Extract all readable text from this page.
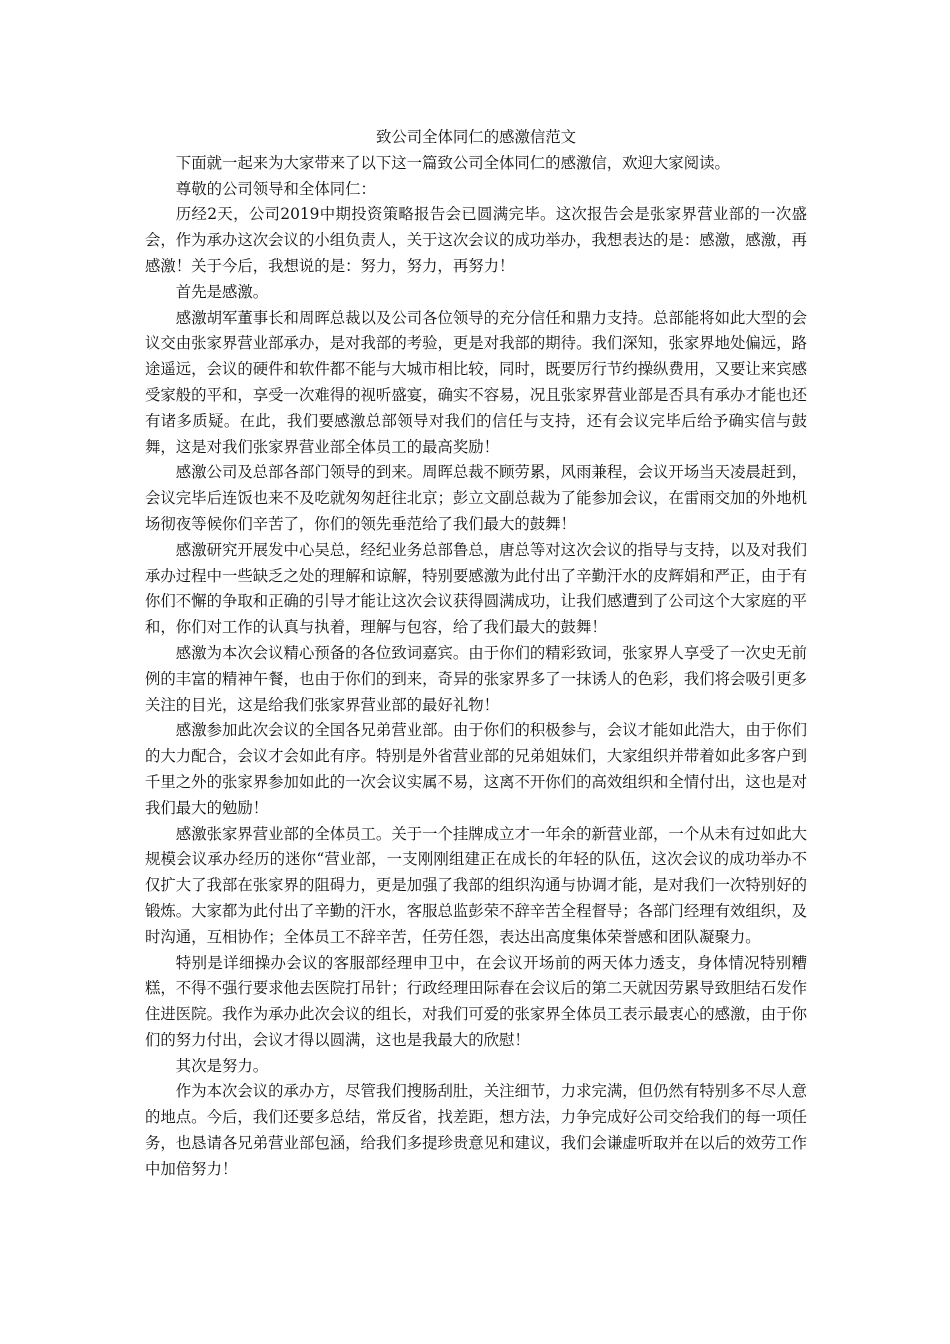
致公司全体同仁的感激信范文

下面就一起来为大家带来了以下这一篇致公司全体同仁的感激信，欢迎大家阅读。

尊敬的公司领导和全体同仁：

历经2天，公司2019中期投资策略报告会已圆满完毕。这次报告会是张家界营业部的一次盛会，作为承办这次会议的小组负责人，关于这次会议的成功举办，我想表达的是：感激，感激，再感激！关于今后，我想说的是：努力，努力，再努力！

首先是感激。

感激胡军董事长和周晖总裁以及公司各位领导的充分信任和鼎力支持。总部能将如此大型的会议交由张家界营业部承办，是对我部的考验，更是对我部的期待。我们深知，张家界地处偏远，路途遥远，会议的硬件和软件都不能与大城市相比较，同时，既要厉行节约操纵费用，又要让来宾感受家般的平和，享受一次难得的视听盛宴，确实不容易，况且张家界营业部是否具有承办才能也还有诸多质疑。在此，我们要感激总部领导对我们的信任与支持，还有会议完毕后给予确实信与鼓舞，这是对我们张家界营业部全体员工的最高奖励！

感激公司及总部各部门领导的到来。周晖总裁不顾劳累，风雨兼程，会议开场当天凌晨赶到，会议完毕后连饭也来不及吃就匆匆赶往北京；彭立文副总裁为了能参加会议，在雷雨交加的外地机场彻夜等候你们辛苦了，你们的领先垂范给了我们最大的鼓舞！

感激研究开展发中心吴总，经纪业务总部鲁总，唐总等对这次会议的指导与支持，以及对我们承办过程中一些缺乏之处的理解和谅解，特别要感激为此付出了辛勤汗水的皮辉娟和严正，由于有你们不懈的争取和正确的引导才能让这次会议获得圆满成功，让我们感遭到了公司这个大家庭的平和，你们对工作的认真与执着，理解与包容，给了我们最大的鼓舞！

感激为本次会议精心预备的各位致词嘉宾。由于你们的精彩致词，张家界人享受了一次史无前例的丰富的精神午餐，也由于你们的到来，奇异的张家界多了一抹诱人的色彩，我们将会吸引更多关注的目光，这是给我们张家界营业部的最好礼物！

感激参加此次会议的全国各兄弟营业部。由于你们的积极参与，会议才能如此浩大，由于你们的大力配合，会议才会如此有序。特别是外省营业部的兄弟姐妹们，大家组织并带着如此多客户到千里之外的张家界参加如此的一次会议实属不易，这离不开你们的高效组织和全情付出，这也是对我们最大的勉励！

感激张家界营业部的全体员工。关于一个挂牌成立才一年余的新营业部，一个从未有过如此大规模会议承办经历的迷你“营业部，一支刚刚组建正在成长的年轻的队伍，这次会议的成功举办不仅扩大了我部在张家界的阻碍力，更是加强了我部的组织沟通与协调才能，是对我们一次特别好的锻炼。大家都为此付出了辛勤的汗水，客服总监彭荣不辞辛苦全程督导；各部门经理有效组织，及时沟通，互相协作；全体员工不辞辛苦，任劳任怨，表达出高度集体荣誉感和团队凝聚力。

特别是详细操办会议的客服部经理申卫中，在会议开场前的两天体力透支，身体情况特别糟糕，不得不强行要求他去医院打吊针；行政经理田际春在会议后的第二天就因劳累导致胆结石发作住进医院。我作为承办此次会议的组长，对我们可爱的张家界全体员工表示最衷心的感激，由于你们的努力付出，会议才得以圆满，这也是我最大的欣慰！

其次是努力。

作为本次会议的承办方，尽管我们搜肠刮肚，关注细节，力求完满，但仍然有特别多不尽人意的地点。今后，我们还要多总结，常反省，找差距，想方法，力争完成好公司交给我们的每一项任务，也恳请各兄弟营业部包涵，给我们多提珍贵意见和建议，我们会谦虚听取并在以后的效劳工作中加倍努力！
